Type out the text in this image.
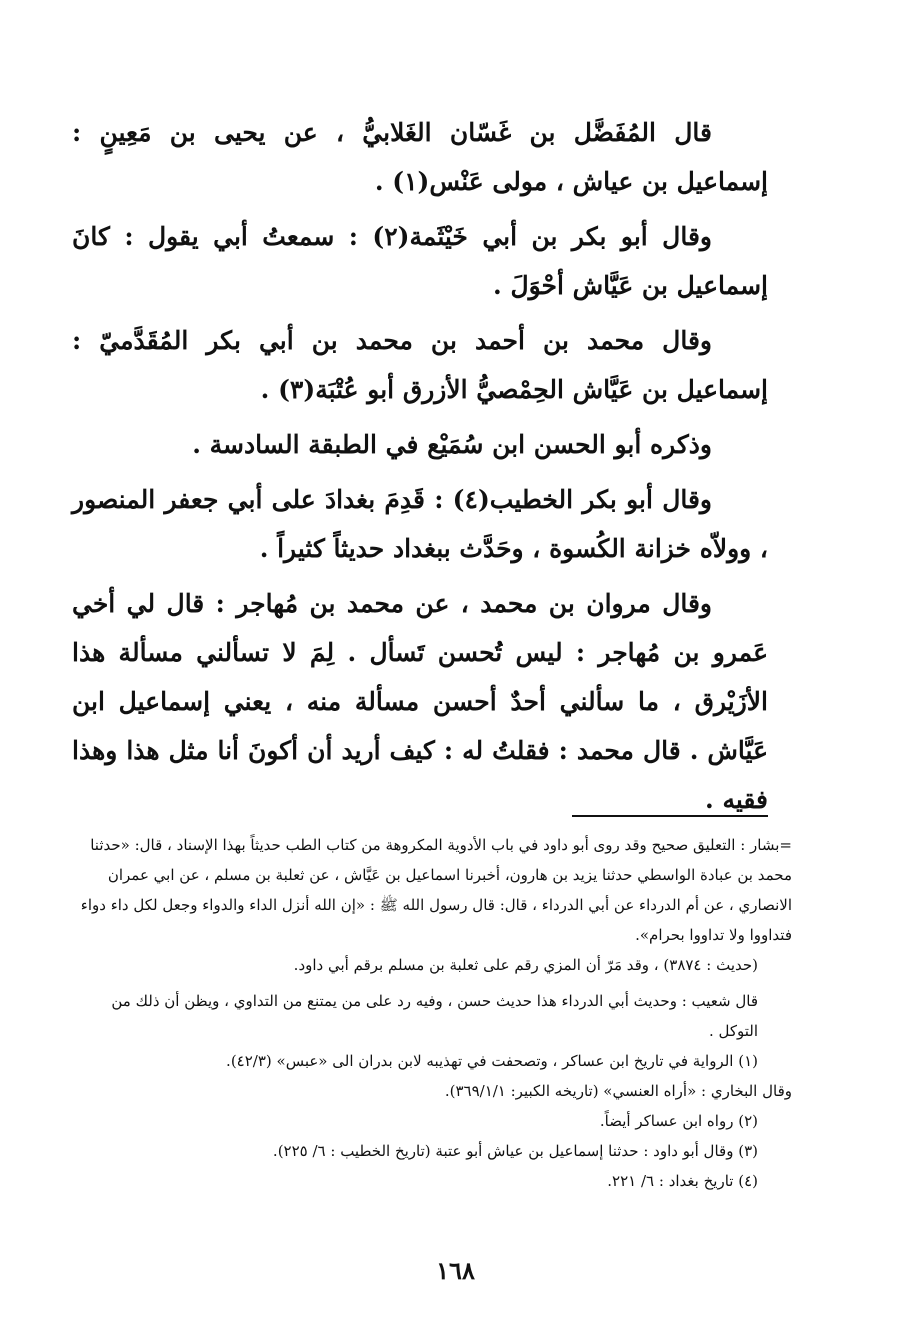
قال المُفَضَّل بن غَسّان الغَلابيُّ ، عن يحيى بن مَعِينٍ : إسماعيل بن عياش ، مولى عَنْس(١) .

وقال أبو بكر بن أبي خَيْثَمة(٢) : سمعتُ أبي يقول : كانَ إسماعيل بن عَيَّاش أحْوَلَ .

وقال محمد بن أحمد بن محمد بن أبي بكر المُقَدَّميّ : إسماعيل بن عَيَّاش الحِمْصيُّ الأزرق أبو عُتْبَة(٣) .

وذكره أبو الحسن ابن سُمَيْع في الطبقة السادسة .

وقال أبو بكر الخطيب(٤) : قَدِمَ بغدادَ على أبي جعفر المنصور ، وولاّه خزانة الكُسوة ، وحَدَّث ببغداد حديثاً كثيراً .

وقال مروان بن محمد ، عن محمد بن مُهاجر : قال لي أخي عَمرو بن مُهاجر : ليس تُحسن تَسأل . لِمَ لا تسألني مسألة هذا الأزَيْرق ، ما سألني أحدٌ أحسن مسألة منه ، يعني إسماعيل ابن عَيَّاش . قال محمد : فقلتُ له : كيف أريد أن أكونَ أنا مثل هذا وهذا فقيه .

=بشار : التعليق صحيح وقد روى أبو داود في باب الأدوية المكروهة من كتاب الطب حديثاً بهذا الإسناد ، قال: «حدثنا محمد بن عبادة الواسطي حدثنا يزيد بن هارون، أخبرنا اسماعيل بن عَيَّاش ، عن ثعلبة بن مسلم ، عن ابي عمران الانصاري ، عن أم الدرداء عن أبي الدرداء ، قال: قال رسول الله ﷺ : «إن الله أنزل الداء والدواء وجعل لكل داء دواء فتداووا ولا تداووا بحرام».

(حديث : ٣٨٧٤) ، وقد مَرّ أن المزي رقم على ثعلبة بن مسلم برقم أبي داود.

قال شعيب : وحديث أبي الدرداء هذا حديث حسن ، وفيه رد على من يمتنع من التداوي ، ويظن أن ذلك من التوكل .

(١) الرواية في تاريخ ابن عساكر ، وتصحفت في تهذيبه لابن بدران الى «عبس» (٤٢/٣).

وقال البخاري : «أراه العنسي» (تاريخه الكبير: ٣٦٩/١/١).

(٢) رواه ابن عساكر أيضاً.

(٣) وقال أبو داود : حدثنا إسماعيل بن عياش أبو عتبة (تاريخ الخطيب : ٦/ ٢٢٥).

(٤) تاريخ بغداد : ٦/ ٢٢١.

١٦٨
